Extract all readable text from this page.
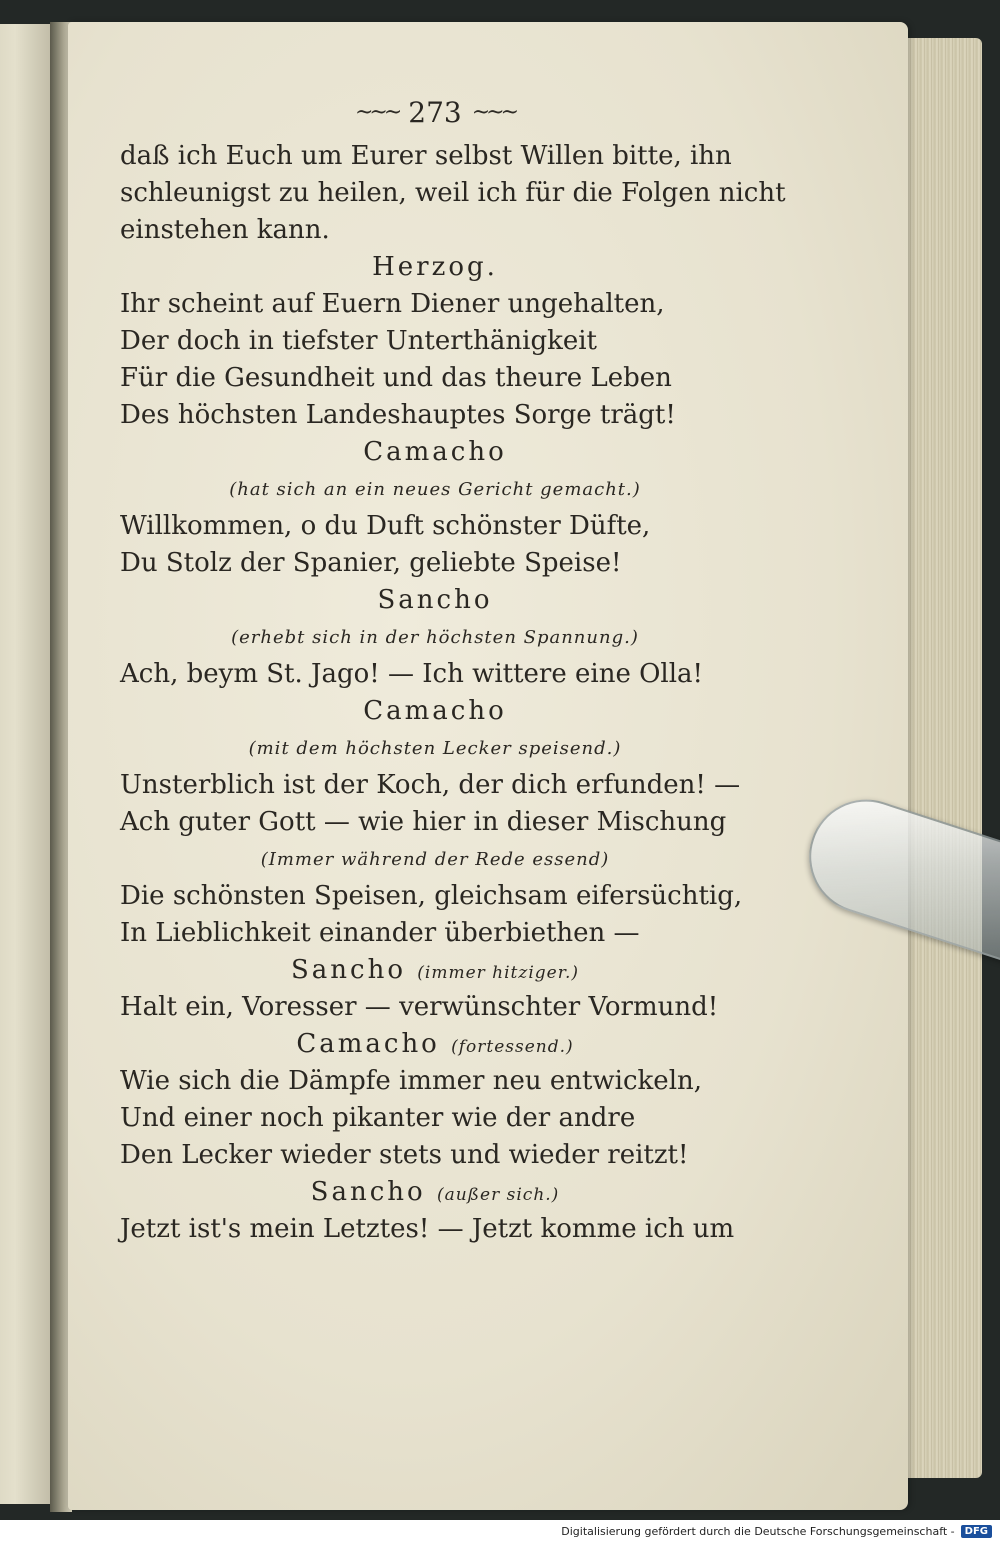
~~~ 273 ~~~
daß ich Euch um Eurer selbst Willen bitte, ihn
schleunigst zu heilen, weil ich für die Folgen nicht
einstehen kann.
Herzog.
Ihr scheint auf Euern Diener ungehalten,
Der doch in tiefster Unterthänigkeit
Für die Gesundheit und das theure Leben
Des höchsten Landeshauptes Sorge trägt!
Camacho
(hat sich an ein neues Gericht gemacht.)
Willkommen, o du Duft schönster Düfte,
Du Stolz der Spanier, geliebte Speise!
Sancho
(erhebt sich in der höchsten Spannung.)
Ach, beym St. Jago! — Ich wittere eine Olla!
Camacho
(mit dem höchsten Lecker speisend.)
Unsterblich ist der Koch, der dich erfunden! —
Ach guter Gott — wie hier in dieser Mischung
(Immer während der Rede essend)
Die schönsten Speisen, gleichsam eifersüchtig,
In Lieblichkeit einander überbiethen —
Sancho (immer hitziger.)
Halt ein, Voresser — verwünschter Vormund!
Camacho (fortessend.)
Wie sich die Dämpfe immer neu entwickeln,
Und einer noch pikanter wie der andre
Den Lecker wieder stets und wieder reitzt!
Sancho (außer sich.)
Jetzt ist's mein Letztes! — Jetzt komme ich um
Digitalisierung gefördert durch die Deutsche Forschungsgemeinschaft -	DFG
